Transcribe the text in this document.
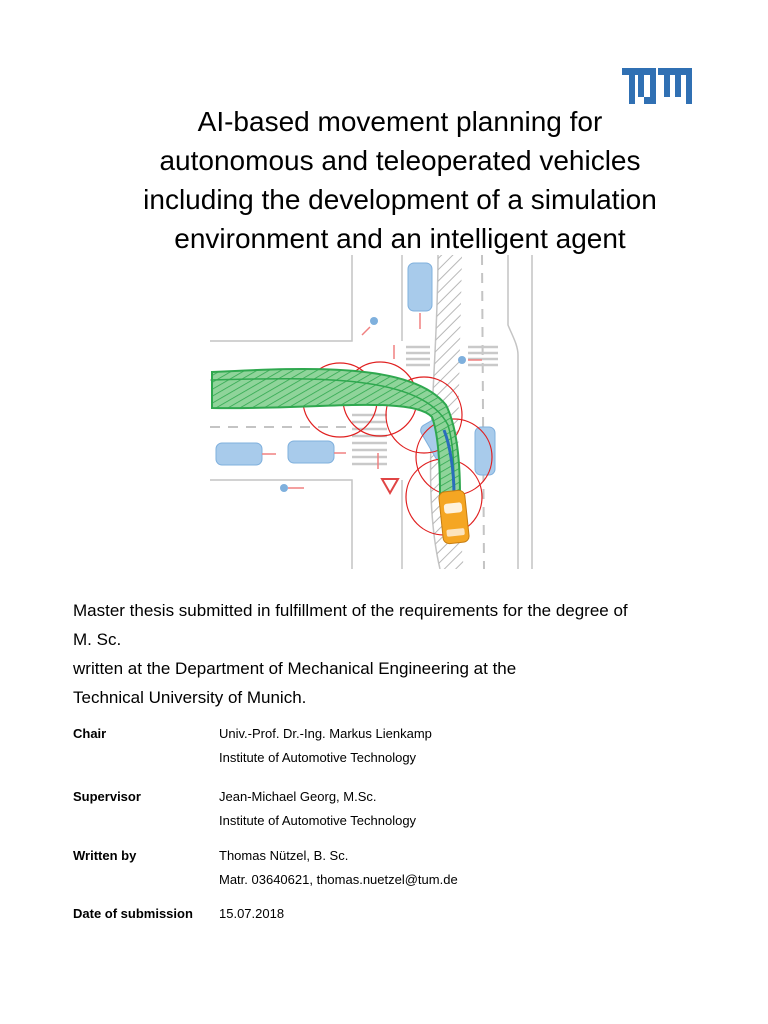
AI-based movement planning for
autonomous and teleoperated vehicles
including the development of a simulation
environment and an intelligent agent
Master thesis submitted in fulfillment of the requirements for the degree of
M. Sc.
written at the Department of Mechanical Engineering at the
Technical University of Munich.
Chair	Univ.-Prof. Dr.-Ing. Markus Lienkamp
Institute of Automotive Technology
Supervisor	Jean-Michael Georg, M.Sc.
Institute of Automotive Technology
Written by	Thomas Nützel, B. Sc.
Matr. 03640621, thomas.nuetzel@tum.de
Date of submission 15.07.2018
